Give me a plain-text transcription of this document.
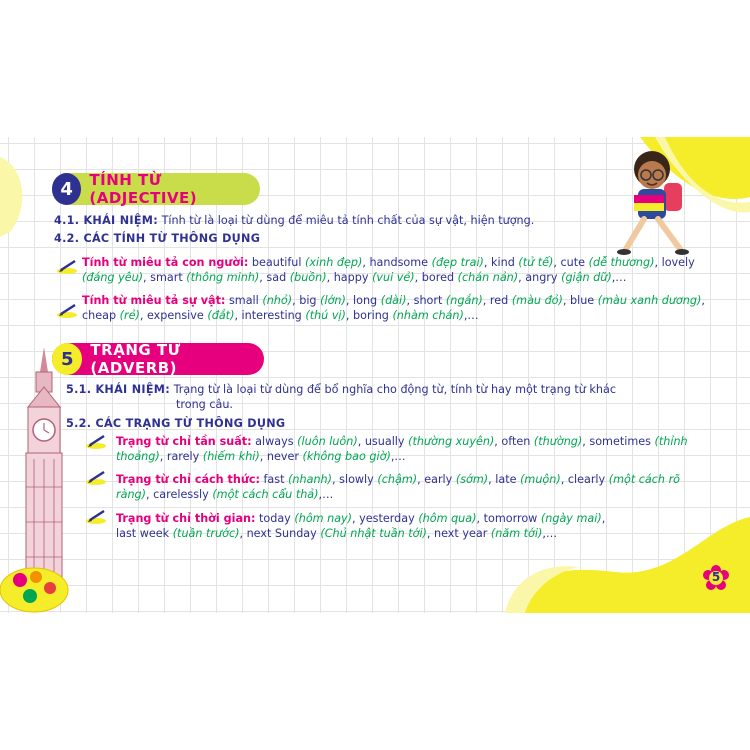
4	TÍNH TỪ (ADJECTIVE)
4.1. KHÁI NIỆM: Tính từ là loại từ dùng để miêu tả tính chất của sự vật, hiện tượng.
4.2. CÁC TÍNH TỪ THÔNG DỤNG
Tính từ miêu tả con người: beautiful (xinh đẹp), handsome (đẹp trai), kind (tử tế), cute (dễ thương), lovely
(đáng yêu), smart (thông minh), sad (buồn), happy (vui vẻ), bored (chán nản), angry (giận dữ),…
Tính từ miêu tả sự vật: small (nhỏ), big (lớn), long (dài), short (ngắn), red (màu đỏ), blue (màu xanh dương),
cheap (rẻ), expensive (đắt), interesting (thú vị), boring (nhàm chán),…
5	TRẠNG TỪ (ADVERB)
5.1. KHÁI NIỆM: Trạng từ là loại từ dùng để bổ nghĩa cho động từ, tính từ hay một trạng từ khác
trong câu.
5.2. CÁC TRẠNG TỪ THÔNG DỤNG
Trạng từ chỉ tần suất: always (luôn luôn), usually (thường xuyên), often (thường), sometimes (thỉnh
thoảng), rarely (hiếm khi), never (không bao giờ),…
Trạng từ chỉ cách thức: fast (nhanh), slowly (chậm), early (sớm), late (muộn), clearly (một cách rõ
ràng), carelessly (một cách cẩu thả),…
Trạng từ chỉ thời gian: today (hôm nay), yesterday (hôm qua), tomorrow (ngày mai),
last week (tuần trước), next Sunday (Chủ nhật tuần tới), next year (năm tới),…
5
